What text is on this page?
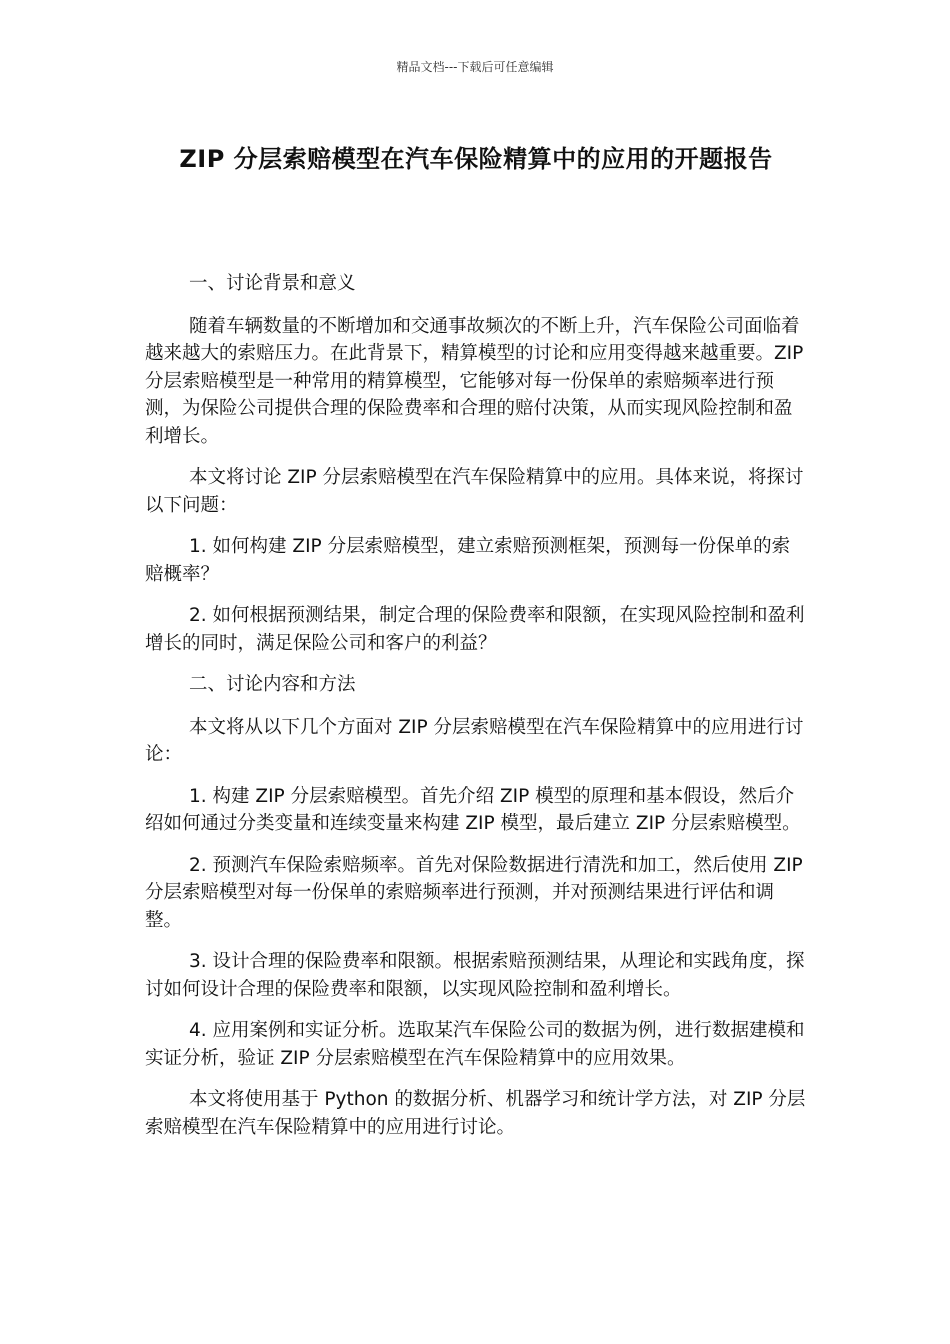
精品文档---下载后可任意编辑
ZIP 分层索赔模型在汽车保险精算中的应用的开题报告

一、讨论背景和意义

随着车辆数量的不断增加和交通事故频次的不断上升，汽车保险公司面临着越来越大的索赔压力。在此背景下，精算模型的讨论和应用变得越来越重要。ZIP 分层索赔模型是一种常用的精算模型，它能够对每一份保单的索赔频率进行预测，为保险公司提供合理的保险费率和合理的赔付决策，从而实现风险控制和盈利增长。

本文将讨论 ZIP 分层索赔模型在汽车保险精算中的应用。具体来说，将探讨以下问题：

1. 如何构建 ZIP 分层索赔模型，建立索赔预测框架，预测每一份保单的索赔概率？

2. 如何根据预测结果，制定合理的保险费率和限额，在实现风险控制和盈利增长的同时，满足保险公司和客户的利益？

二、讨论内容和方法

本文将从以下几个方面对 ZIP 分层索赔模型在汽车保险精算中的应用进行讨论：

1. 构建 ZIP 分层索赔模型。首先介绍 ZIP 模型的原理和基本假设，然后介绍如何通过分类变量和连续变量来构建 ZIP 模型，最后建立 ZIP 分层索赔模型。

2. 预测汽车保险索赔频率。首先对保险数据进行清洗和加工，然后使用 ZIP 分层索赔模型对每一份保单的索赔频率进行预测，并对预测结果进行评估和调整。

3. 设计合理的保险费率和限额。根据索赔预测结果，从理论和实践角度，探讨如何设计合理的保险费率和限额，以实现风险控制和盈利增长。

4. 应用案例和实证分析。选取某汽车保险公司的数据为例，进行数据建模和实证分析，验证 ZIP 分层索赔模型在汽车保险精算中的应用效果。

本文将使用基于 Python 的数据分析、机器学习和统计学方法，对 ZIP 分层索赔模型在汽车保险精算中的应用进行讨论。
